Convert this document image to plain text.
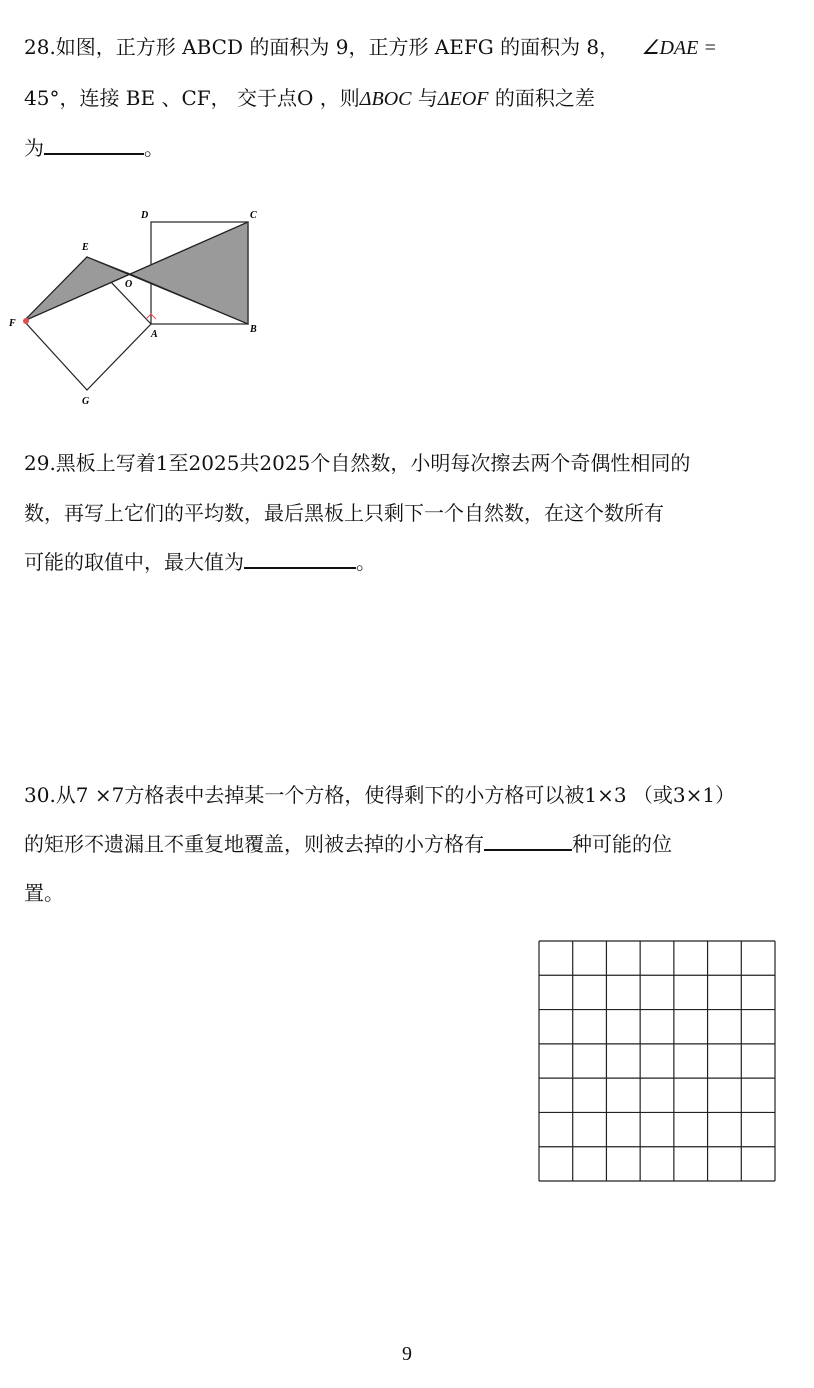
28.如图，正方形 ABCD 的面积为 9，正方形 AEFG 的面积为 8， ∠DAE =
45°，连接 BE 、CF， 交于点O ，则ΔBOC 与ΔEOF 的面积之差
为	。
D	C
E
O
F
A	B
G
29.黑板上写着1至2025共2025个自然数，小明每次擦去两个奇偶性相同的
数，再写上它们的平均数，最后黑板上只剩下一个自然数，在这个数所有
可能的取值中，最大值为	。
30.从7 ×7方格表中去掉某一个方格，使得剩下的小方格可以被1×3 （或3×1）
的矩形不遗漏且不重复地覆盖，则被去掉的小方格有	种可能的位
置。
9
